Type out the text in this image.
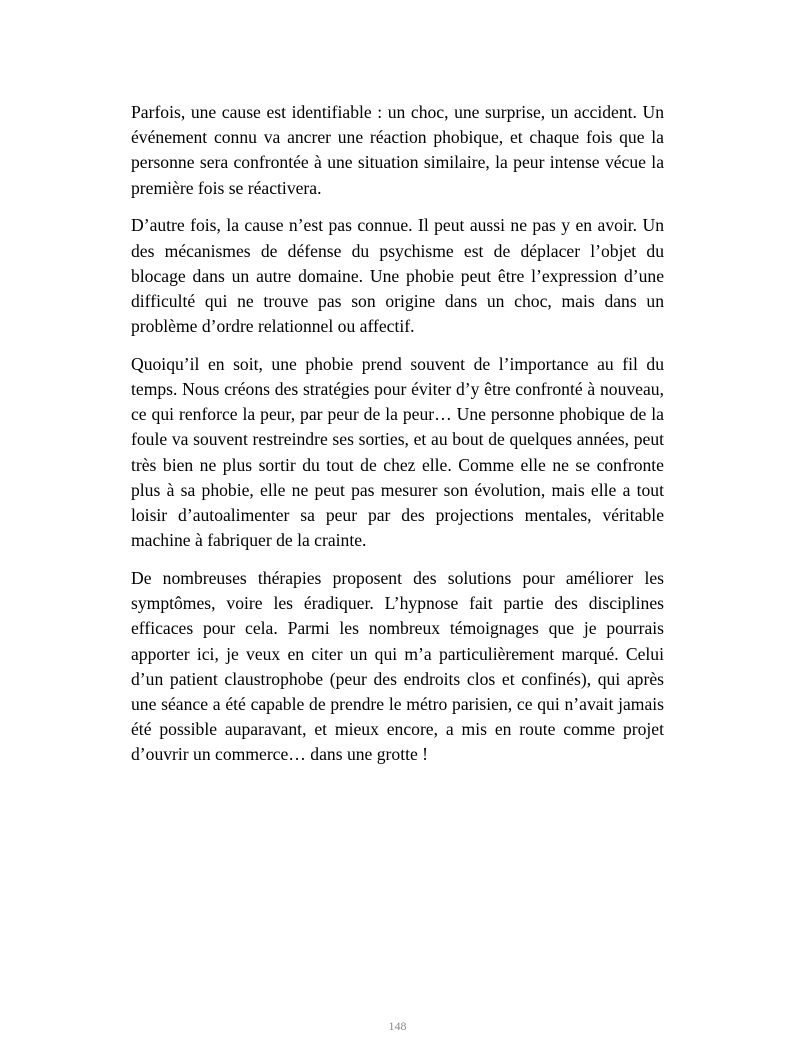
Parfois, une cause est identifiable : un choc, une surprise, un accident. Un événement connu va ancrer une réaction phobique, et chaque fois que la personne sera confrontée à une situation similaire, la peur intense vécue la première fois se réactivera.

D’autre fois, la cause n’est pas connue. Il peut aussi ne pas y en avoir. Un des mécanismes de défense du psychisme est de déplacer l’objet du blocage dans un autre domaine. Une phobie peut être l’expression d’une difficulté qui ne trouve pas son origine dans un choc, mais dans un problème d’ordre relationnel ou affectif.

Quoiqu’il en soit, une phobie prend souvent de l’importance au fil du temps. Nous créons des stratégies pour éviter d’y être confronté à nouveau, ce qui renforce la peur, par peur de la peur… Une personne phobique de la foule va souvent restreindre ses sorties, et au bout de quelques années, peut très bien ne plus sortir du tout de chez elle. Comme elle ne se confronte plus à sa phobie, elle ne peut pas mesurer son évolution, mais elle a tout loisir d’autoalimenter sa peur par des projections mentales, véritable machine à fabriquer de la crainte.

De nombreuses thérapies proposent des solutions pour améliorer les symptômes, voire les éradiquer. L’hypnose fait partie des disciplines efficaces pour cela. Parmi les nombreux témoignages que je pourrais apporter ici, je veux en citer un qui m’a particulièrement marqué. Celui d’un patient claustrophobe (peur des endroits clos et confinés), qui après une séance a été capable de prendre le métro parisien, ce qui n’avait jamais été possible auparavant, et mieux encore, a mis en route comme projet d’ouvrir un commerce… dans une grotte !

148
